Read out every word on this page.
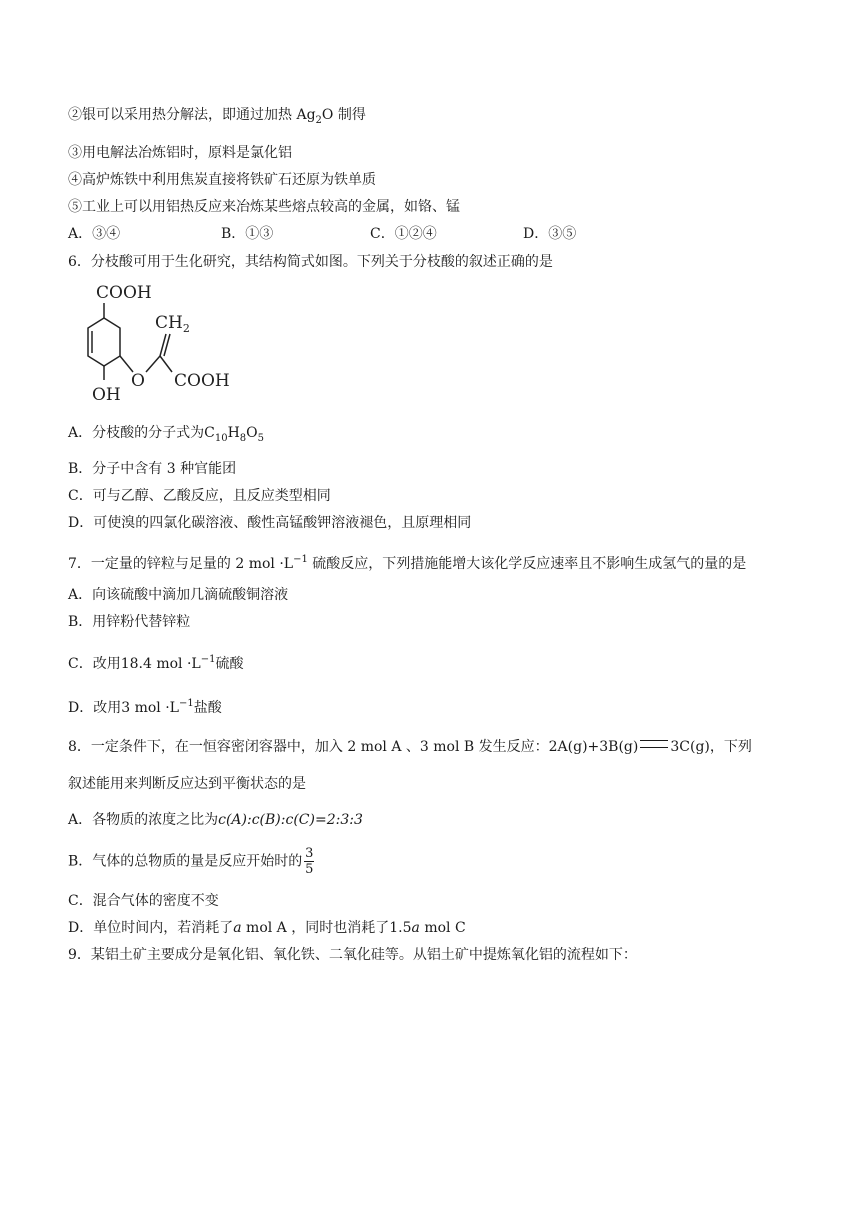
②银可以采用热分解法，即通过加热 $Ag_2O$ 制得
③用电解法冶炼铝时，原料是氯化铝
④高炉炼铁中利用焦炭直接将铁矿石还原为铁单质
⑤工业上可以用铝热反应来冶炼某些熔点较高的金属，如铬、锰
A．③④	B．①③	C．①②④	D．③⑤
6．分枝酸可用于生化研究，其结构简式如图。下列关于分枝酸的叙述正确的是
COOH
OH
O
$CH_2$
COOH
A．分枝酸的分子式为$C_{10}H_8O_5$
B．分子中含有 3 种官能团
C．可与乙醇、乙酸反应，且反应类型相同
D．可使溴的四氯化碳溶液、酸性高锰酸钾溶液褪色，且原理相同
7．一定量的锌粒与足量的 2 mol $\cdot L^{-1}$ 硫酸反应，下列措施能增大该化学反应速率且不影响生成氢气的量的是
A．向该硫酸中滴加几滴硫酸铜溶液
B．用锌粉代替锌粒
C．改用18.4 mol $\cdot L^{-1}$硫酸
D．改用3 mol $\cdot L^{-1}$盐酸
8．一定条件下，在一恒容密闭容器中，加入 2 mol A 、3 mol B 发生反应：2A(g)+3B(g) 3C(g)，下列
叙述能用来判断反应达到平衡状态的是
A．各物质的浓度之比为c(A):c(B):c(C)=2:3:3
B．气体的总物质的量是反应开始时的 $\frac{3}{5}$
C．混合气体的密度不变
D．单位时间内，若消耗了a mol A ，同时也消耗了1.5a mol C
9．某铝土矿主要成分是氧化铝、氧化铁、二氧化硅等。从铝土矿中提炼氧化铝的流程如下：
